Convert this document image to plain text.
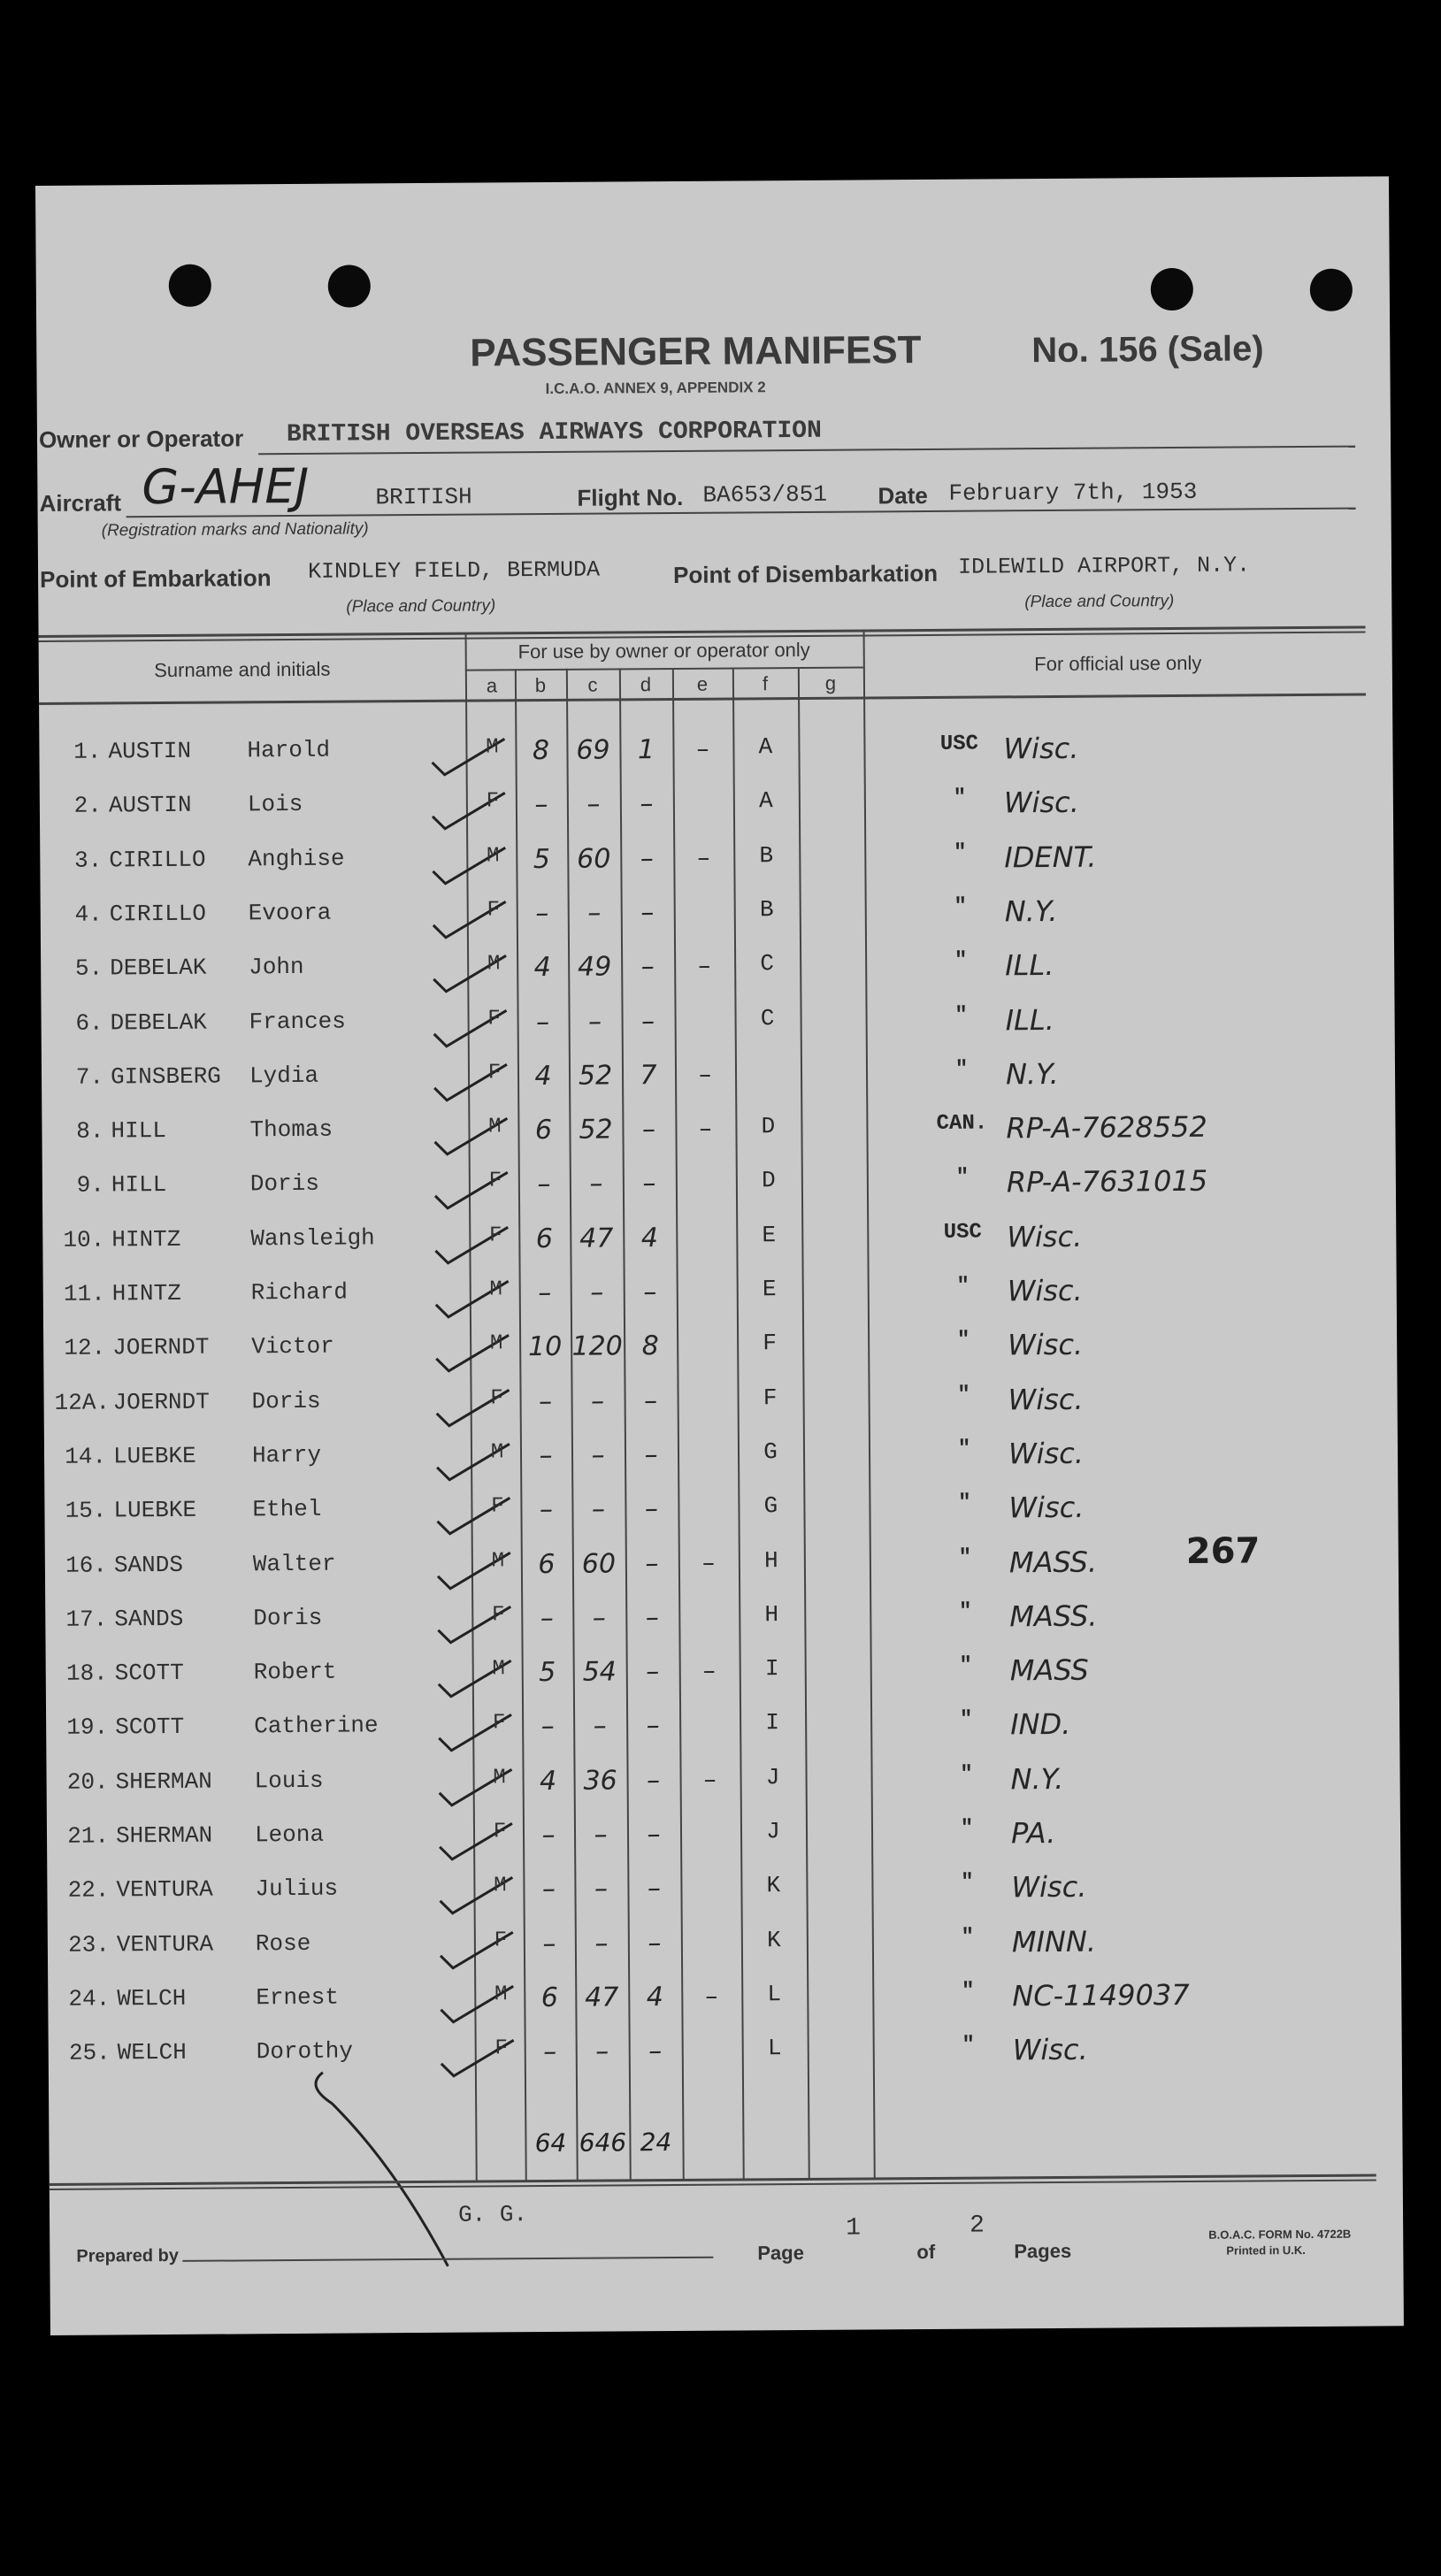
PASSENGER MANIFEST
I.C.A.O. ANNEX 9, APPENDIX 2
No. 156 (Sale)
Owner or Operator BRITISH OVERSEAS AIRWAYS CORPORATION
Aircraft G-AHEJ	BRITISH
(Registration marks and Nationality)
Flight No. BA653/851 Date February 7th, 1953
Point of Embarkation KINDLEY FIELD, BERMUDA	Point of Disembarkation IDLEWILD AIRPORT, N.Y.
(Place and Country)	(Place and Country)
Surname and initials
For use by owner or operator only
For official use only
a	b	c	d	e	f	g
1. AUSTIN Harold	M	8	69	1	–	A	USC Wisc.
2. AUSTIN Lois	F	–	–	–	A	"	Wisc.
3. CIRILLO Anghise	M	5	60	–	–	B	"	IDENT.
4. CIRILLO Evoora	F	–	–	–	B	"	N.Y.
5. DEBELAK John	M	4	49	–	–	C	"	ILL.
6. DEBELAK Frances	F	–	–	–	C	"	ILL.
7. GINSBERG Lydia	F	4	52	7	–	"	N.Y.
8. HILL	Thomas	M	6	52	–	–	D	CAN. RP-A-7628552
9. HILL	Doris	F	–	–	–	D	"	RP-A-7631015
10. HINTZ	Wansleigh	F	6	47	4	E	USC Wisc.
11. HINTZ	Richard	M	–	–	–	E	"	Wisc.
12. JOERNDT Victor	M 10 120 8	F	"	Wisc.
12A. JOERNDT Doris	F	–	–	–	F	"	Wisc.
14. LUEBKE Harry	M	–	–	–	G	"	Wisc.
15. LUEBKE Ethel	F	–	–	–	G	"	Wisc.
16. SANDS	Walter	M	6	60	–	–	H	"	MASS.
17. SANDS	Doris	F	–	–	–	H	"	MASS.
18. SCOTT	Robert	M	5	54	–	–	I	"	MASS
19. SCOTT	Catherine	F	–	–	–	I	"	IND.
20. SHERMAN Louis	M	4	36	–	–	J	"	N.Y.
21. SHERMAN Leona	F	–	–	–	J	"	PA.
22. VENTURA Julius	M	–	–	–	K	"	Wisc.
23. VENTURA Rose	F	–	–	–	K	"	MINN.
24. WELCH	Ernest	M	6	47	4	–	L	"	NC-1149037
25. WELCH	Dorothy	F	–	–	–	L	"	Wisc.
267
64 646 24
G. G.
Prepared by	Page
1
of
2
Pages
B.O.A.C. FORM No. 4722B
Printed in U.K.
